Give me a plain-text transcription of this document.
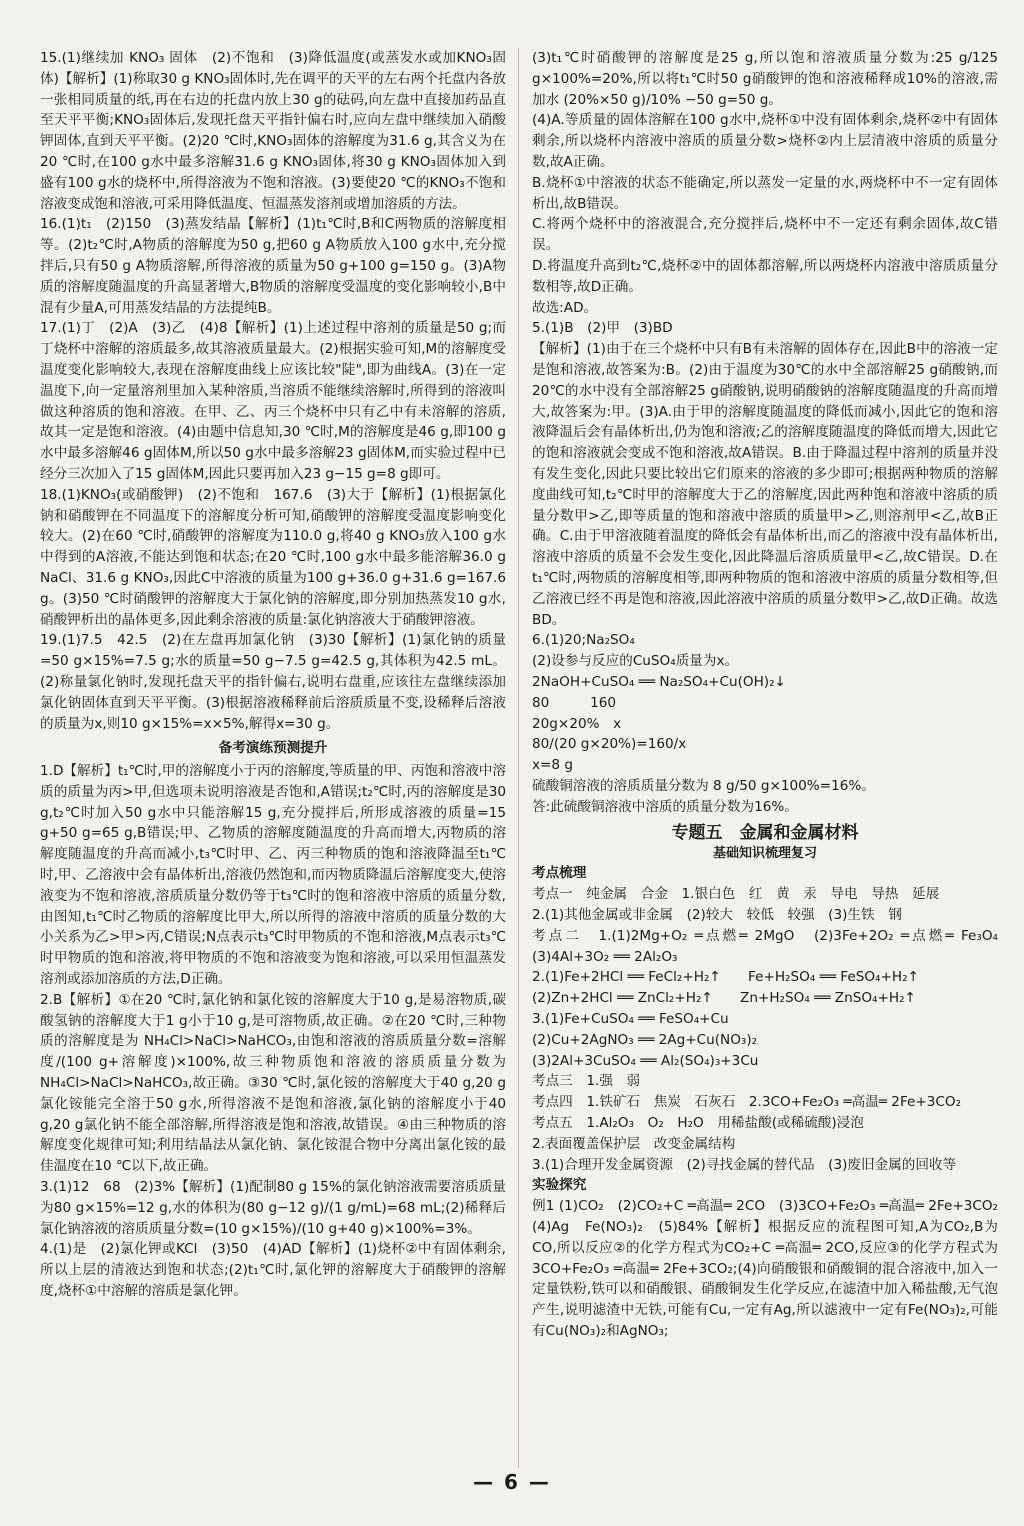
15.(1)继续加 KNO₃ 固体　(2)不饱和　(3)降低温度(或蒸发水或加KNO₃固体)【解析】(1)称取30 g KNO₃固体时,先在调平的天平的左右两个托盘内各放一张相同质量的纸,再在右边的托盘内放上30 g的砝码,向左盘中直接加药品直至天平平衡;KNO₃固体后,发现托盘天平指针偏右时,应向左盘中继续加入硝酸钾固体,直到天平平衡。(2)20 ℃时,KNO₃固体的溶解度为31.6 g,其含义为在20 ℃时,在100 g水中最多溶解31.6 g KNO₃固体,将30 g KNO₃固体加入到盛有100 g水的烧杯中,所得溶液为不饱和溶液。(3)要使20 ℃的KNO₃不饱和溶液变成饱和溶液,可采用降低温度、恒温蒸发溶剂或增加溶质的方法。
16.(1)t₁　(2)150　(3)蒸发结晶【解析】(1)t₁℃时,B和C两物质的溶解度相等。(2)t₂℃时,A物质的溶解度为50 g,把60 g A物质放入100 g水中,充分搅拌后,只有50 g A物质溶解,所得溶液的质量为50 g+100 g=150 g。(3)A物质的溶解度随温度的升高显著增大,B物质的溶解度受温度的变化影响较小,B中混有少量A,可用蒸发结晶的方法提纯B。
17.(1)丁　(2)A　(3)乙　(4)8【解析】(1)上述过程中溶剂的质量是50 g;而丁烧杯中溶解的溶质最多,故其溶液质量最大。(2)根据实验可知,M的溶解度受温度变化影响较大,表现在溶解度曲线上应该比较"陡",即为曲线A。(3)在一定温度下,向一定量溶剂里加入某种溶质,当溶质不能继续溶解时,所得到的溶液叫做这种溶质的饱和溶液。在甲、乙、丙三个烧杯中只有乙中有未溶解的溶质,故其一定是饱和溶液。(4)由题中信息知,30 ℃时,M的溶解度是46 g,即100 g水中最多溶解46 g固体M,所以50 g水中最多溶解23 g固体M,而实验过程中已经分三次加入了15 g固体M,因此只要再加入23 g−15 g=8 g即可。
18.(1)KNO₃(或硝酸钾)　(2)不饱和　167.6　(3)大于【解析】(1)根据氯化钠和硝酸钾在不同温度下的溶解度分析可知,硝酸钾的溶解度受温度影响变化较大。(2)在60 ℃时,硝酸钾的溶解度为110.0 g,将40 g KNO₃放入100 g水中得到的A溶液,不能达到饱和状态;在20 ℃时,100 g水中最多能溶解36.0 g NaCl、31.6 g KNO₃,因此C中溶液的质量为100 g+36.0 g+31.6 g=167.6 g。(3)50 ℃时硝酸钾的溶解度大于氯化钠的溶解度,即分别加热蒸发10 g水,硝酸钾析出的晶体更多,因此剩余溶液的质量:氯化钠溶液大于硝酸钾溶液。
19.(1)7.5　42.5　(2)在左盘再加氯化钠　(3)30【解析】(1)氯化钠的质量=50 g×15%=7.5 g;水的质量=50 g−7.5 g=42.5 g,其体积为42.5 mL。(2)称量氯化钠时,发现托盘天平的指针偏右,说明右盘重,应该往左盘继续添加氯化钠固体直到天平平衡。(3)根据溶液稀释前后溶质质量不变,设稀释后溶液的质量为x,则10 g×15%=x×5%,解得x=30 g。
备考演练预测提升
1.D【解析】t₁℃时,甲的溶解度小于丙的溶解度,等质量的甲、丙饱和溶液中溶质的质量为丙>甲,但选项未说明溶液是否饱和,A错误;t₂℃时,丙的溶解度是30 g,t₂℃时加入50 g水中只能溶解15 g,充分搅拌后,所形成溶液的质量=15 g+50 g=65 g,B错误;甲、乙物质的溶解度随温度的升高而增大,丙物质的溶解度随温度的升高而减小,t₃℃时甲、乙、丙三种物质的饱和溶液降温至t₁℃时,甲、乙溶液中会有晶体析出,溶液仍然饱和,而丙物质降温后溶解度变大,使溶液变为不饱和溶液,溶质质量分数仍等于t₃℃时的饱和溶液中溶质的质量分数,由图知,t₁℃时乙物质的溶解度比甲大,所以所得的溶液中溶质的质量分数的大小关系为乙>甲>丙,C错误;N点表示t₃℃时甲物质的不饱和溶液,M点表示t₃℃时甲物质的饱和溶液,将甲物质的不饱和溶液变为饱和溶液,可以采用恒温蒸发溶剂或添加溶质的方法,D正确。
2.B【解析】①在20 ℃时,氯化钠和氯化铵的溶解度大于10 g,是易溶物质,碳酸氢钠的溶解度大于1 g小于10 g,是可溶物质,故正确。②在20 ℃时,三种物质的溶解度是为 NH₄Cl>NaCl>NaHCO₃,由饱和溶液的溶质质量分数=溶解度/(100 g+溶解度)×100%,故三种物质饱和溶液的溶质质量分数为NH₄Cl>NaCl>NaHCO₃,故正确。③30 ℃时,氯化铵的溶解度大于40 g,20 g氯化铵能完全溶于50 g水,所得溶液不是饱和溶液,氯化钠的溶解度小于40 g,20 g氯化钠不能全部溶解,所得溶液是饱和溶液,故错误。④由三种物质的溶解度变化规律可知;利用结晶法从氯化钠、氯化铵混合物中分离出氯化铵的最佳温度在10 ℃以下,故正确。
3.(1)12　68　(2)3%【解析】(1)配制80 g 15%的氯化钠溶液需要溶质质量为80 g×15%=12 g,水的体积为(80 g−12 g)/(1 g/mL)=68 mL;(2)稀释后氯化钠溶液的溶质质量分数=(10 g×15%)/(10 g+40 g)×100%=3%。
4.(1)是　(2)氯化钾或KCl　(3)50　(4)AD【解析】(1)烧杯②中有固体剩余,所以上层的清液达到饱和状态;(2)t₁℃时,氯化钾的溶解度大于硝酸钾的溶解度,烧杯①中溶解的溶质是氯化钾。
(3)t₁℃时硝酸钾的溶解度是25 g,所以饱和溶液质量分数为:25 g/125 g×100%=20%,所以将t₁℃时50 g硝酸钾的饱和溶液稀释成10%的溶液,需加水 (20%×50 g)/10% −50 g=50 g。
(4)A.等质量的固体溶解在100 g水中,烧杯①中没有固体剩余,烧杯②中有固体剩余,所以烧杯内溶液中溶质的质量分数>烧杯②内上层清液中溶质的质量分数,故A正确。
B.烧杯①中溶液的状态不能确定,所以蒸发一定量的水,两烧杯中不一定有固体析出,故B错误。
C.将两个烧杯中的溶液混合,充分搅拌后,烧杯中不一定还有剩余固体,故C错误。
D.将温度升高到t₂℃,烧杯②中的固体都溶解,所以两烧杯内溶液中溶质质量分数相等,故D正确。
故选:AD。
5.(1)B　(2)甲　(3)BD
【解析】(1)由于在三个烧杯中只有B有未溶解的固体存在,因此B中的溶液一定是饱和溶液,故答案为:B。(2)由于温度为30℃的水中全部溶解25 g硝酸钠,而20℃的水中没有全部溶解25 g硝酸钠,说明硝酸钠的溶解度随温度的升高而增大,故答案为:甲。(3)A.由于甲的溶解度随温度的降低而减小,因此它的饱和溶液降温后会有晶体析出,仍为饱和溶液;乙的溶解度随温度的降低而增大,因此它的饱和溶液就会变成不饱和溶液,故A错误。B.由于降温过程中溶剂的质量并没有发生变化,因此只要比较出它们原来的溶液的多少即可;根据两种物质的溶解度曲线可知,t₂℃时甲的溶解度大于乙的溶解度,因此两种饱和溶液中溶质的质量分数甲>乙,即等质量的饱和溶液中溶质的质量甲>乙,则溶剂甲<乙,故B正确。C.由于甲溶液随着温度的降低会有晶体析出,而乙的溶液中没有晶体析出,溶液中溶质的质量不会发生变化,因此降温后溶质质量甲<乙,故C错误。D.在t₁℃时,两物质的溶解度相等,即两种物质的饱和溶液中溶质的质量分数相等,但乙溶液已经不再是饱和溶液,因此溶液中溶质的质量分数甲>乙,故D正确。故选BD。
6.(1)20;Na₂SO₄
(2)设参与反应的CuSO₄质量为x。
2NaOH+CuSO₄ ══ Na₂SO₄+Cu(OH)₂↓
80　　　160
20g×20%　x
80/(20 g×20%)=160/x
x=8 g
硫酸铜溶液的溶质质量分数为 8 g/50 g×100%=16%。
答:此硫酸铜溶液中溶质的质量分数为16%。
专题五　金属和金属材料
基础知识梳理复习
考点梳理
考点一　纯金属　合金　1.银白色　红　黄　汞　导电　导热　延展
2.(1)其他金属或非金属　(2)较大　较低　较强　(3)生铁　钢
考点二　1.(1)2Mg+O₂ ═点燃═ 2MgO　(2)3Fe+2O₂ ═点燃═ Fe₃O₄　(3)4Al+3O₂ ══ 2Al₂O₃
2.(1)Fe+2HCl ══ FeCl₂+H₂↑　　Fe+H₂SO₄ ══ FeSO₄+H₂↑
(2)Zn+2HCl ══ ZnCl₂+H₂↑　　Zn+H₂SO₄ ══ ZnSO₄+H₂↑
3.(1)Fe+CuSO₄ ══ FeSO₄+Cu
(2)Cu+2AgNO₃ ══ 2Ag+Cu(NO₃)₂
(3)2Al+3CuSO₄ ══ Al₂(SO₄)₃+3Cu
考点三　1.强　弱
考点四　1.铁矿石　焦炭　石灰石　2.3CO+Fe₂O₃ ═高温═ 2Fe+3CO₂
考点五　1.Al₂O₃　O₂　H₂O　用稀盐酸(或稀硫酸)浸泡
2.表面覆盖保护层　改变金属结构
3.(1)合理开发金属资源　(2)寻找金属的替代品　(3)废旧金属的回收等
实验探究
例1 (1)CO₂　(2)CO₂+C ═高温═ 2CO　(3)3CO+Fe₂O₃ ═高温═ 2Fe+3CO₂　(4)Ag　Fe(NO₃)₂　(5)84%【解析】根据反应的流程图可知,A为CO₂,B为CO,所以反应②的化学方程式为CO₂+C ═高温═ 2CO,反应③的化学方程式为3CO+Fe₂O₃ ═高温═ 2Fe+3CO₂;(4)向硝酸银和硝酸铜的混合溶液中,加入一定量铁粉,铁可以和硝酸银、硝酸铜发生化学反应,在滤渣中加入稀盐酸,无气泡产生,说明滤渣中无铁,可能有Cu,一定有Ag,所以滤液中一定有Fe(NO₃)₂,可能有Cu(NO₃)₂和AgNO₃;
— 6 —
